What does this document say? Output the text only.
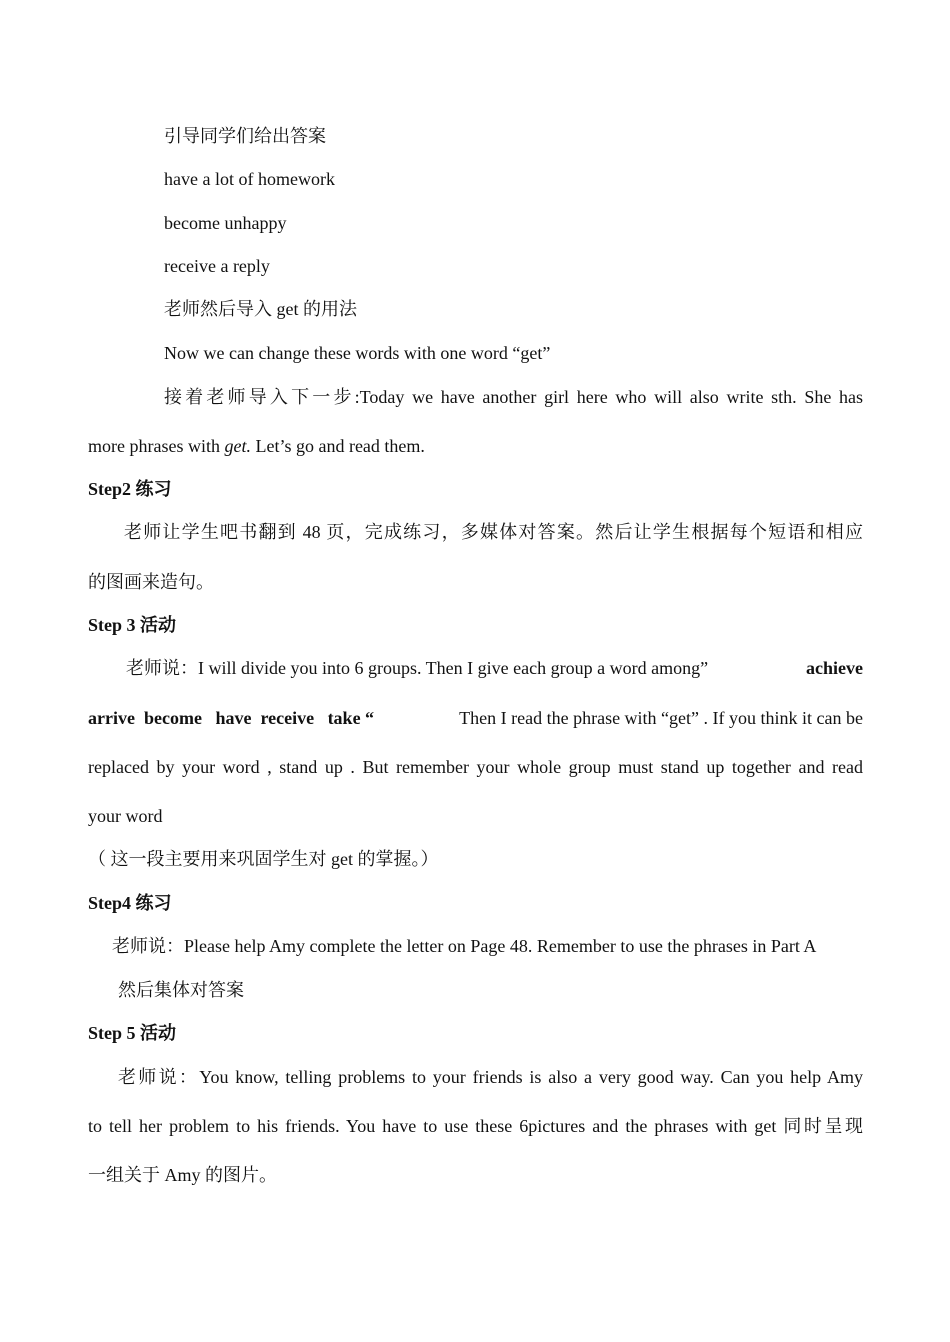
引导同学们给出答案
have a lot of homework
become unhappy
receive a reply
老师然后导入 get 的用法
Now we can change these words with one word “get”
接着老师导入下一步:Today we have another girl here who will also write sth. She has
more phrases with get. Let’s go and read them.
Step2 练习
老师让学生吧书翻到 48 页，完成练习，多媒体对答案。然后让学生根据每个短语和相应
的图画来造句。
Step 3 活动
老师说：I will divide you into 6 groups. Then I give each group a word among”	achieve
arrive  become   have  receive   take “	Then I read the phrase with “get” . If you think it can be
replaced by your word , stand up . But remember your whole group must stand up together and read
your word
（ 这一段主要用来巩固学生对 get 的掌握。）
Step4 练习
老师说：Please help Amy complete the letter on Page 48. Remember to use the phrases in Part A
然后集体对答案
Step 5 活动
老师说：You know, telling problems to your friends is also a very good way. Can you help Amy
to tell her problem to his friends. You have to use these 6pictures and the phrases with get 同时呈现
一组关于 Amy 的图片。
